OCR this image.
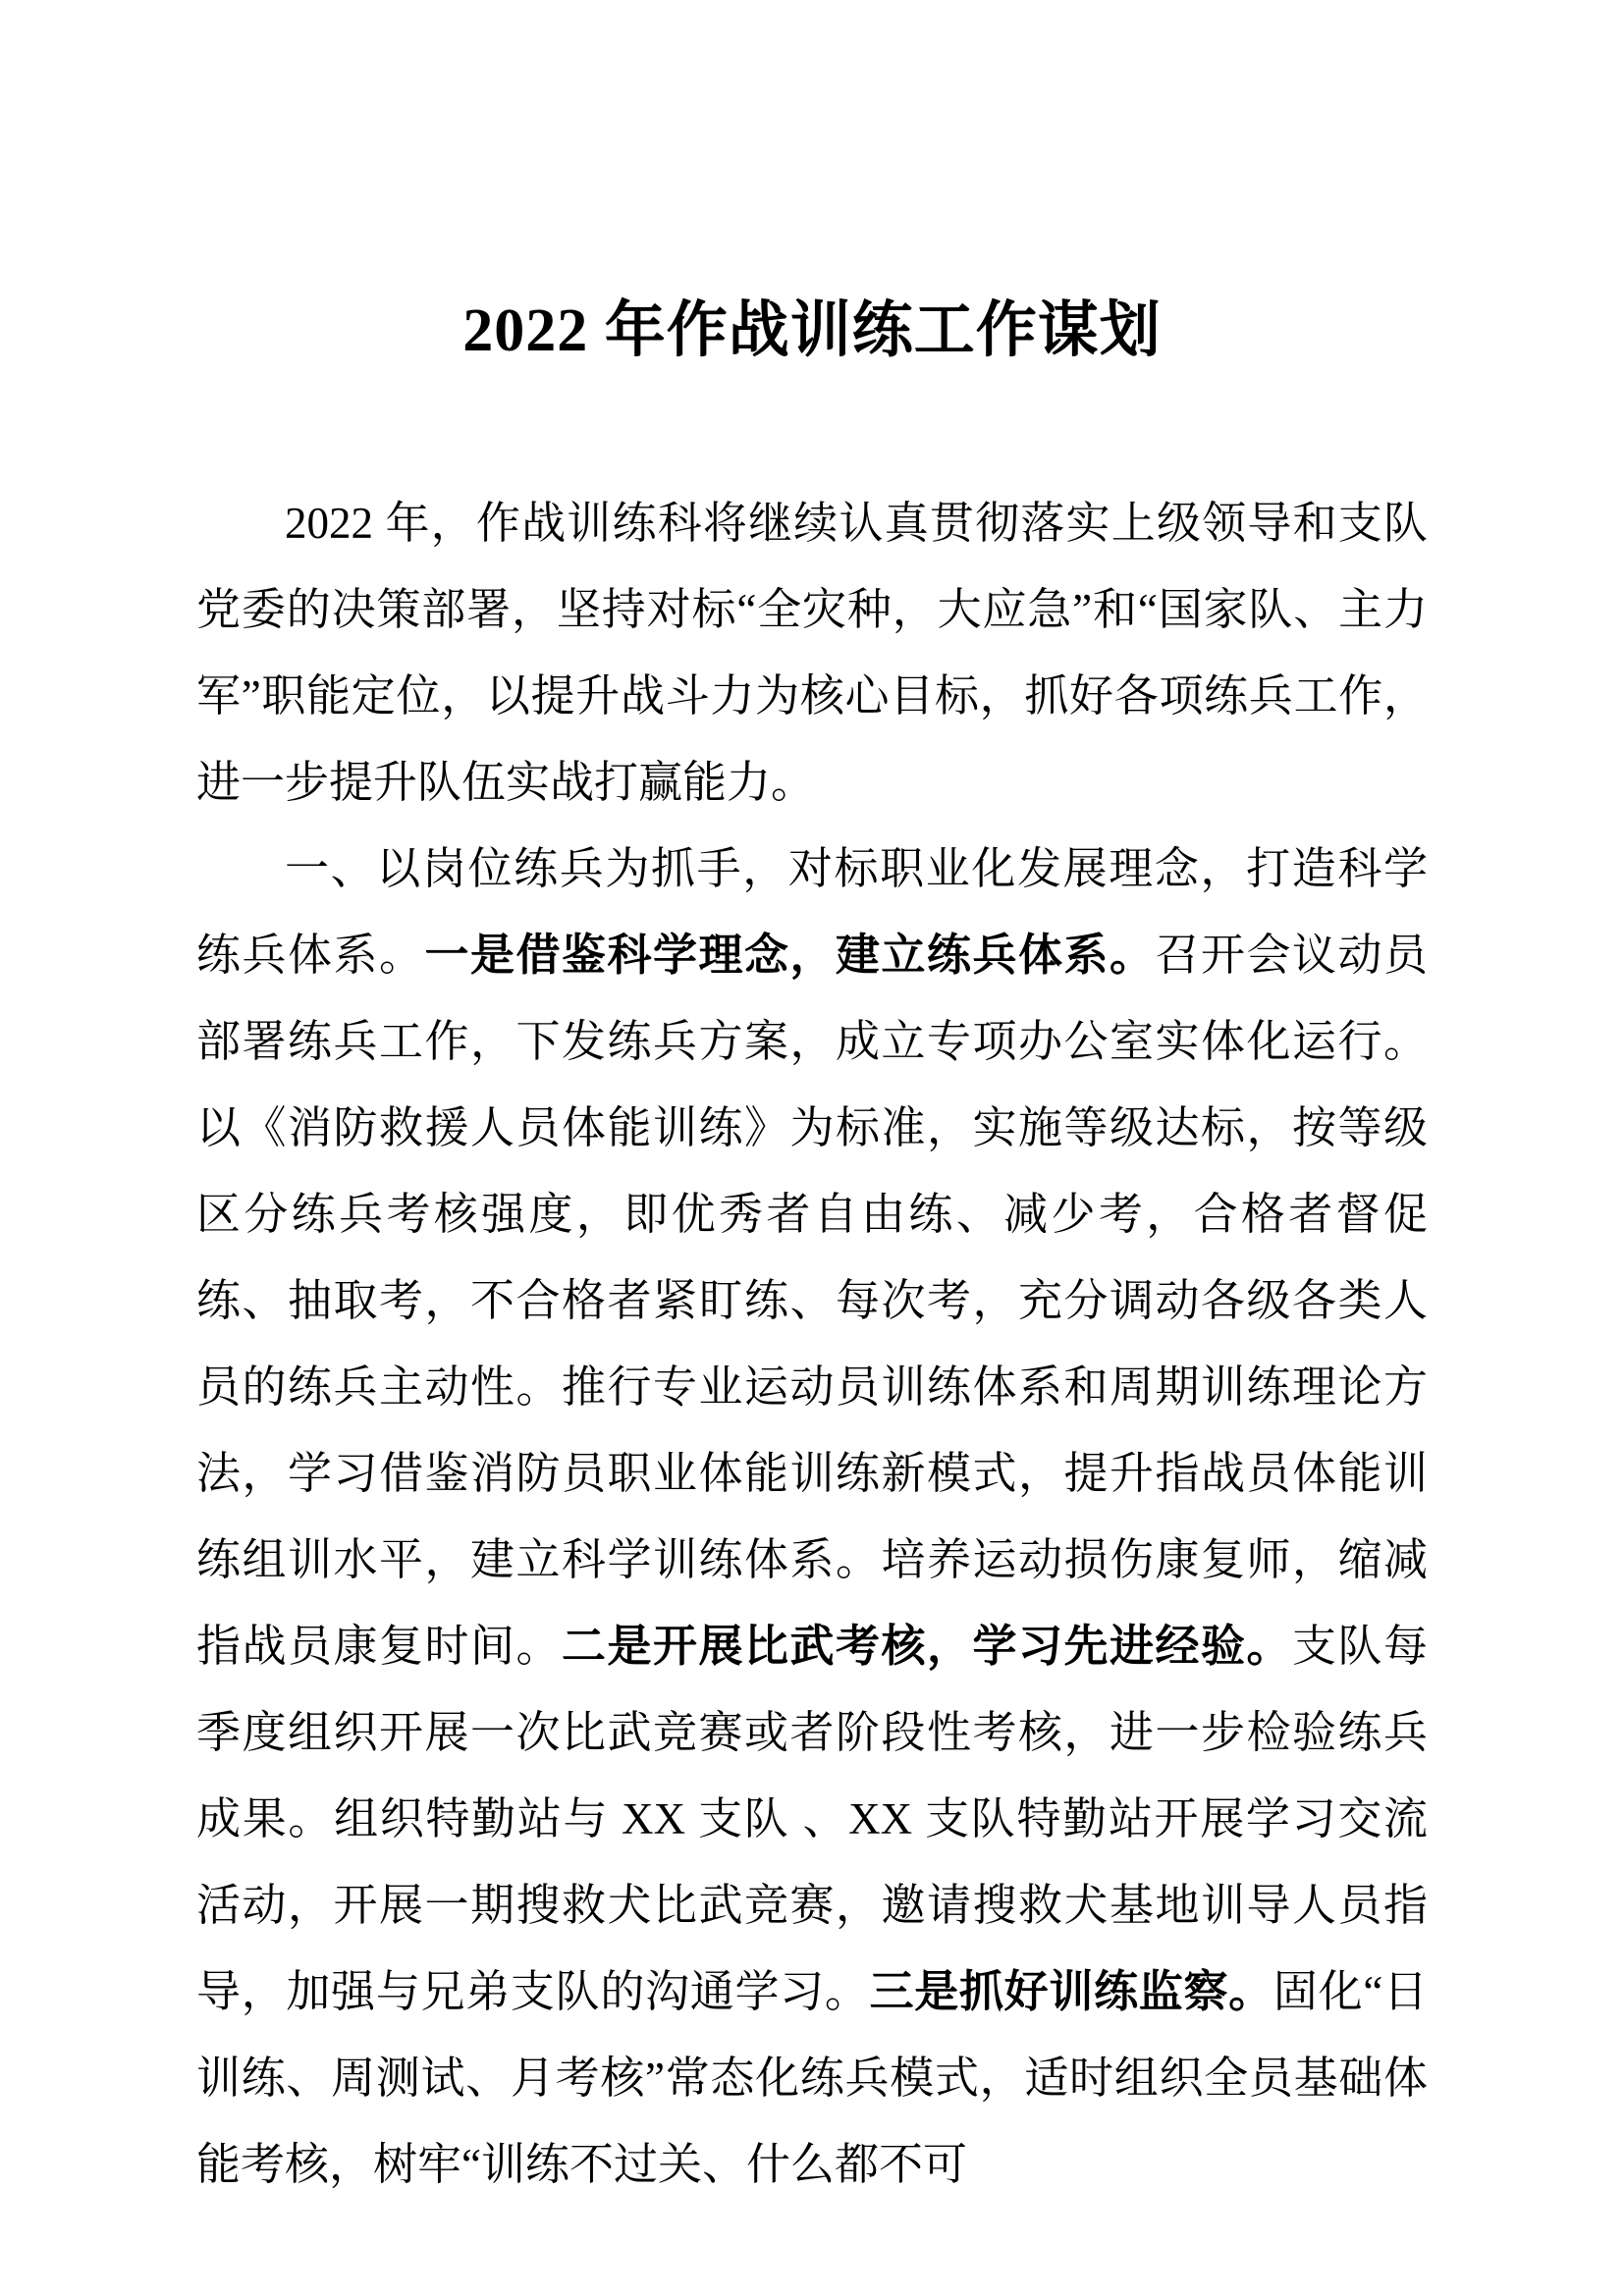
2022 年作战训练工作谋划

2022 年，作战训练科将继续认真贯彻落实上级领导和支队党委的决策部署，坚持对标“全灾种，大应急”和“国家队、主力军”职能定位，以提升战斗力为核心目标，抓好各项练兵工作，进一步提升队伍实战打赢能力。

一、以岗位练兵为抓手，对标职业化发展理念，打造科学练兵体系。一是借鉴科学理念，建立练兵体系。召开会议动员部署练兵工作，下发练兵方案，成立专项办公室实体化运行。以《消防救援人员体能训练》为标准，实施等级达标，按等级区分练兵考核强度，即优秀者自由练、减少考，合格者督促练、抽取考，不合格者紧盯练、每次考，充分调动各级各类人员的练兵主动性。推行专业运动员训练体系和周期训练理论方法，学习借鉴消防员职业体能训练新模式，提升指战员体能训练组训水平，建立科学训练体系。培养运动损伤康复师，缩减指战员康复时间。二是开展比武考核，学习先进经验。支队每季度组织开展一次比武竞赛或者阶段性考核，进一步检验练兵成果。组织特勤站与 XX 支队 、XX 支队特勤站开展学习交流活动，开展一期搜救犬比武竞赛，邀请搜救犬基地训导人员指导，加强与兄弟支队的沟通学习。三是抓好训练监察。固化“日训练、周测试、月考核”常态化练兵模式，适时组织全员基础体能考核，树牢“训练不过关、什么都不可
